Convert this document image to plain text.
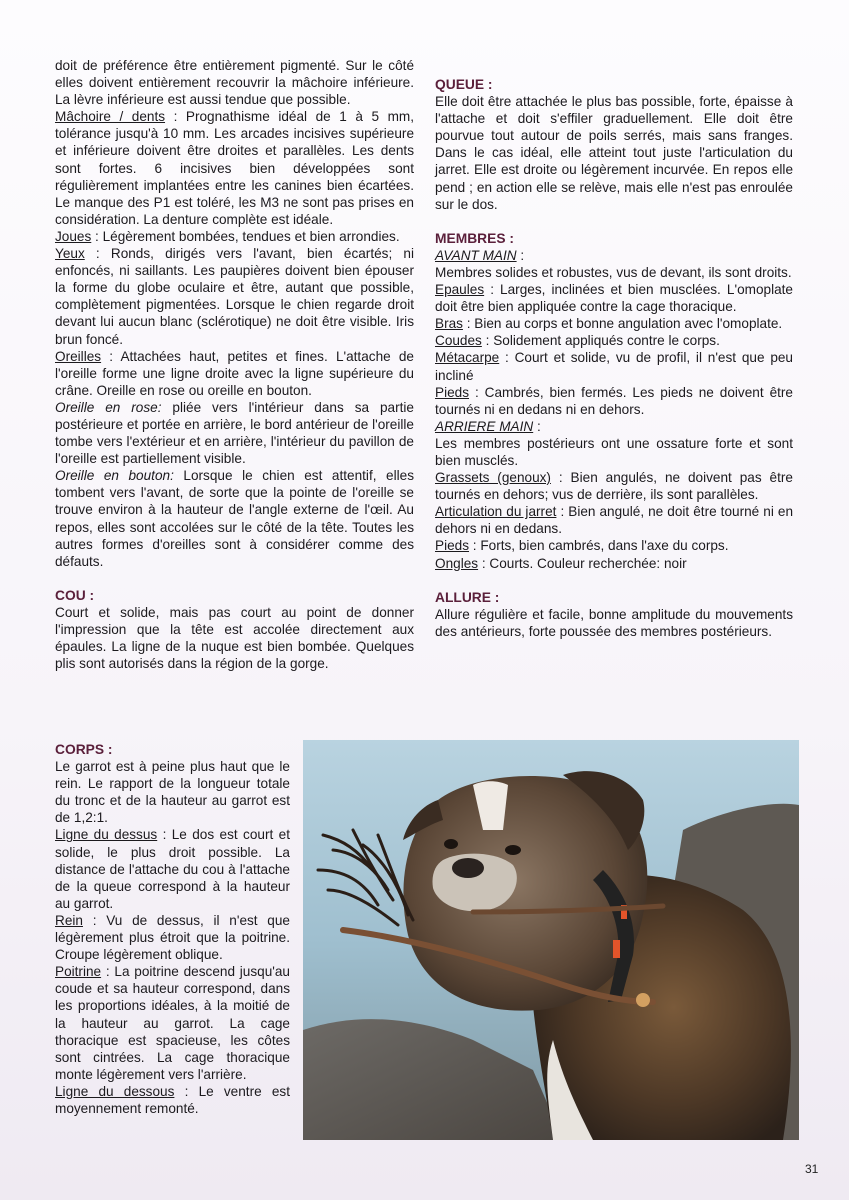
doit de préférence être entièrement pigmenté. Sur le côté elles doivent entièrement recouvrir la mâchoire inférieure. La lèvre inférieure est aussi tendue que possible.

Mâchoire / dents : Prognathisme idéal de 1 à 5 mm, tolérance jusqu'à 10 mm. Les arcades incisives supérieure et inférieure doivent être droites et parallèles. Les dents sont fortes. 6 incisives bien développées sont régulièrement implantées entre les canines bien écartées. Le manque des P1 est toléré, les M3 ne sont pas prises en considération. La denture complète est idéale.

Joues : Légèrement bombées, tendues et bien arrondies.

Yeux : Ronds, dirigés vers l'avant, bien écartés; ni enfoncés, ni saillants. Les paupières doivent bien épouser la forme du globe oculaire et être, autant que possible, complètement pigmentées. Lorsque le chien regarde droit devant lui aucun blanc (sclérotique) ne doit être visible. Iris brun foncé.

Oreilles : Attachées haut, petites et fines. L'attache de l'oreille forme une ligne droite avec la ligne supérieure du crâne. Oreille en rose ou oreille en bouton.

Oreille en rose: pliée vers l'intérieur dans sa partie postérieure et portée en arrière, le bord antérieur de l'oreille tombe vers l'extérieur et en arrière, l'intérieur du pavillon de l'oreille est partiellement visible.

Oreille en bouton: Lorsque le chien est attentif, elles tombent vers l'avant, de sorte que la pointe de l'oreille se trouve environ à la hauteur de l'angle externe de l'œil. Au repos, elles sont accolées sur le côté de la tête. Toutes les autres formes d'oreilles sont à considérer comme des défauts.

COU :

Court et solide, mais pas court au point de donner l'impression que la tête est accolée directement aux épaules. La ligne de la nuque est bien bombée. Quelques plis sont autorisés dans la région de la gorge.

CORPS :

Le garrot est à peine plus haut que le rein. Le rapport de la longueur totale du tronc et de la hauteur au garrot est de 1,2:1.

Ligne du dessus : Le dos est court et solide, le plus droit possible. La distance de l'attache du cou à l'attache de la queue correspond à la hauteur au garrot.

Rein : Vu de dessus, il n'est que légèrement plus étroit que la poitrine. Croupe légèrement oblique.

Poitrine : La poitrine descend jusqu'au coude et sa hauteur correspond, dans les proportions idéales, à la moitié de la hauteur au garrot. La cage thoracique est spacieuse, les côtes sont cintrées. La cage thoracique monte légèrement vers l'arrière.

Ligne du dessous : Le ventre est moyennement remonté.

QUEUE :

Elle doit être attachée le plus bas possible, forte, épaisse à l'attache et doit s'effiler graduellement. Elle doit être pourvue tout autour de poils serrés, mais sans franges. Dans le cas idéal, elle atteint tout juste l'articulation du jarret. Elle est droite ou légèrement incurvée. En repos elle pend ; en action elle se relève, mais elle n'est pas enroulée sur le dos.

MEMBRES :

AVANT MAIN :

Membres solides et robustes, vus de devant, ils sont droits.

Epaules : Larges, inclinées et bien musclées. L'omoplate doit être bien appliquée contre la cage thoracique.

Bras : Bien au corps et bonne angulation avec l'omoplate.

Coudes : Solidement appliqués contre le corps.

Métacarpe : Court et solide, vu de profil, il n'est que peu incliné

Pieds : Cambrés, bien fermés. Les pieds ne doivent être tournés ni en dedans ni en dehors.

ARRIERE MAIN :

Les membres postérieurs ont une ossature forte et sont bien musclés.

Grassets (genoux) : Bien angulés, ne doivent pas être tournés en dehors; vus de derrière, ils sont parallèles.

Articulation du jarret : Bien angulé, ne doit être tourné ni en dehors ni en dedans.

Pieds : Forts, bien cambrés, dans l'axe du corps.

Ongles : Courts. Couleur recherchée: noir

ALLURE :

Allure régulière et facile, bonne amplitude du mouvements des antérieurs, forte poussée des membres postérieurs.

31
